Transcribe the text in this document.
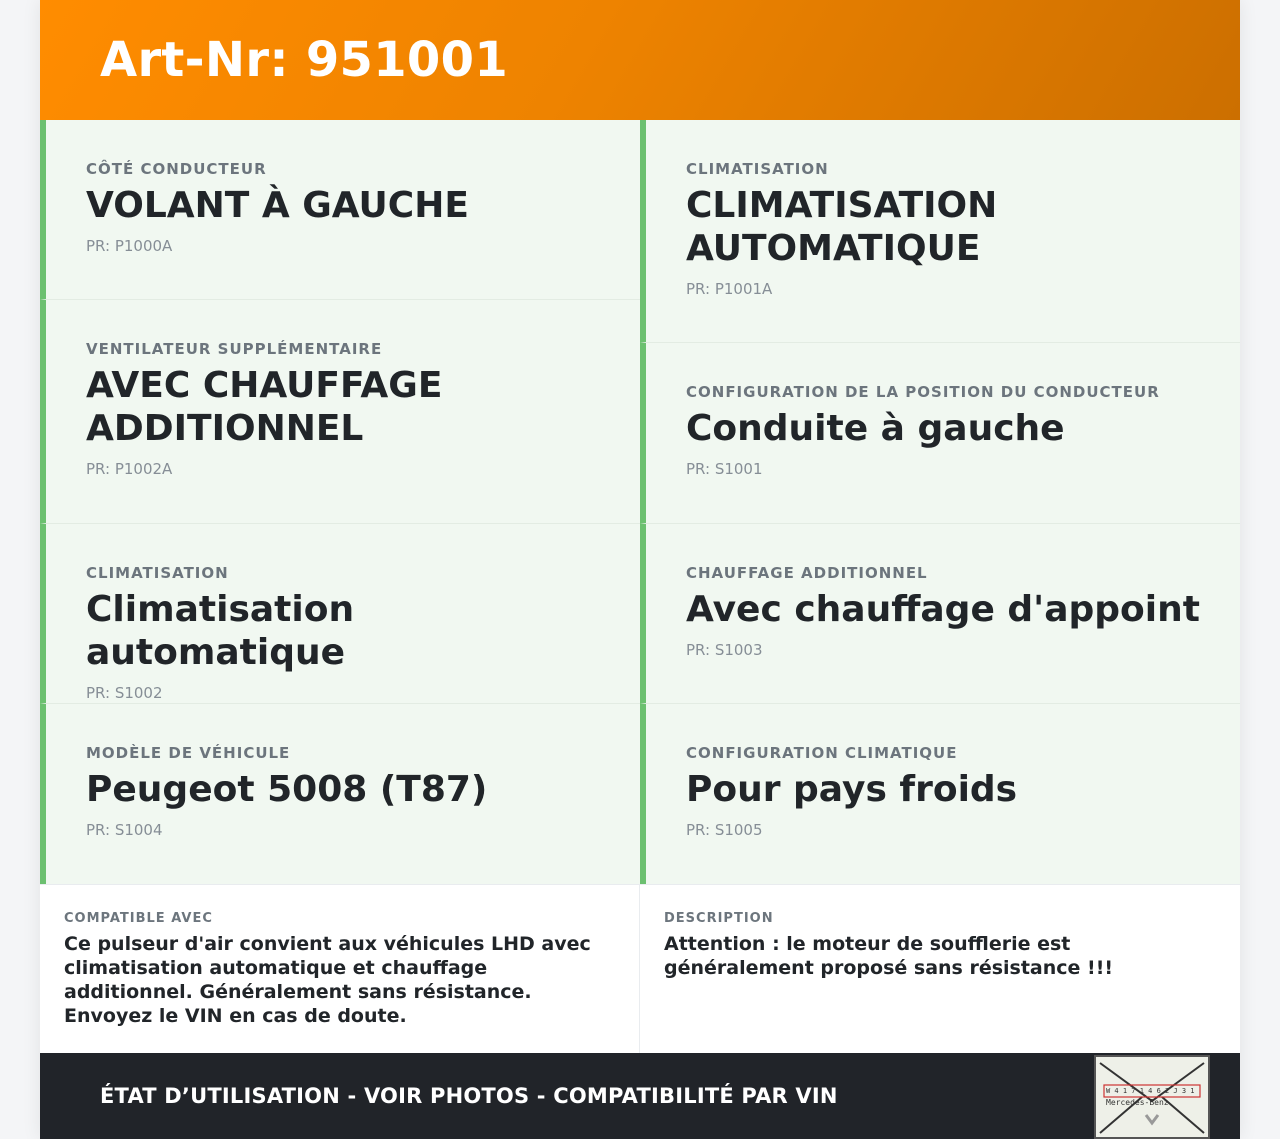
Art-Nr: 951001
CÔTÉ CONDUCTEUR
VOLANT À GAUCHE
PR: P1000A
VENTILATEUR SUPPLÉMENTAIRE
AVEC CHAUFFAGE ADDITIONNEL
PR: P1002A
CLIMATISATION
Climatisation automatique
PR: S1002
MODÈLE DE VÉHICULE
Peugeot 5008 (T87)
PR: S1004
CLIMATISATION
CLIMATISATION AUTOMATIQUE
PR: P1001A
CONFIGURATION DE LA POSITION DU CONDUCTEUR
Conduite à gauche
PR: S1001
CHAUFFAGE ADDITIONNEL
Avec chauffage d'appoint
PR: S1003
CONFIGURATION CLIMATIQUE
Pour pays froids
PR: S1005
COMPATIBLE AVEC
Ce pulseur d'air convient aux véhicules LHD avec climatisation automatique et chauffage additionnel. Généralement sans résistance. Envoyez le VIN en cas de doute.
DESCRIPTION
Attention : le moteur de soufflerie est généralement proposé sans résistance !!!
ÉTAT D’UTILISATION - VOIR PHOTOS - COMPATIBILITÉ PAR VIN	W 4 1 7 1 4 6 2 J 3 1
Mercedes-Benz
